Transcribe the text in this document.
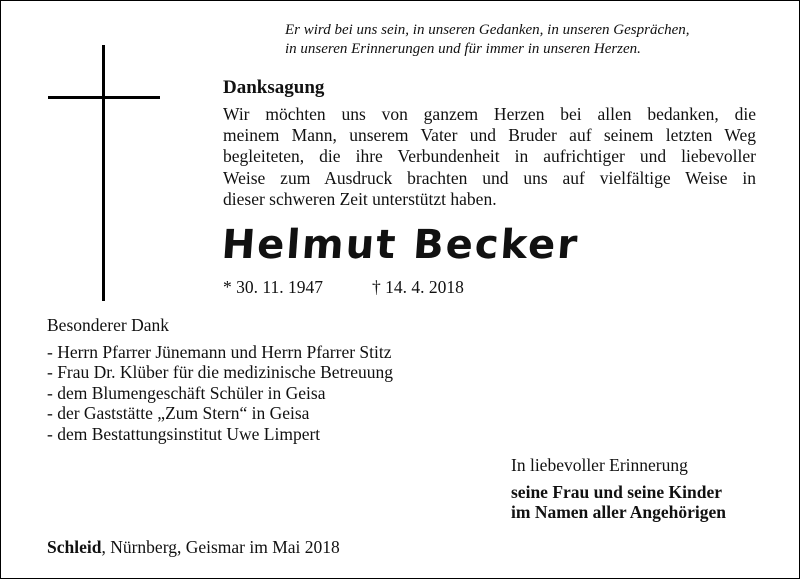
Er wird bei uns sein, in unseren Gedanken, in unseren Gesprächen,
in unseren Erinnerungen und für immer in unseren Herzen.
Danksagung
Wir möchten uns von ganzem Herzen bei allen bedanken, die
meinem Mann, unserem Vater und Bruder auf seinem letzten Weg
begleiteten, die ihre Verbundenheit in aufrichtiger und liebevoller
Weise zum Ausdruck brachten und uns auf vielfältige Weise in
dieser schweren Zeit unterstützt haben.
Helmut Becker
* 30. 11. 1947	† 14. 4. 2018
Besonderer Dank
- Herrn Pfarrer Jünemann und Herrn Pfarrer Stitz
- Frau Dr. Klüber für die medizinische Betreuung
- dem Blumengeschäft Schüler in Geisa
- der Gaststätte „Zum Stern“ in Geisa
- dem Bestattungsinstitut Uwe Limpert
In liebevoller Erinnerung
seine Frau und seine Kinder
im Namen aller Angehörigen
Schleid, Nürnberg, Geismar im Mai 2018
